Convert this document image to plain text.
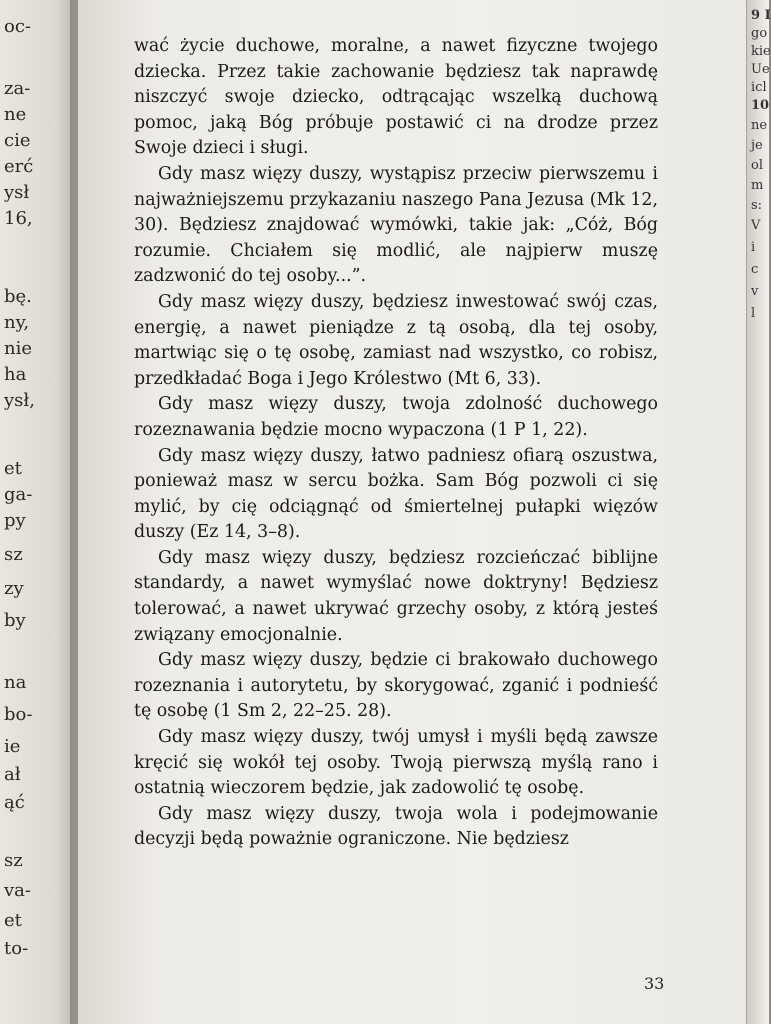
oc-
za-
ne
cie
erć
ysł
16,
bę.
ny,
nie
ha
ysł,
et
ga-
py
sz
zy
by
na
bo-
ie
ał
ąć
sz
va-
et
to-

wać życie duchowe, moralne, a nawet fizyczne twojego dziecka. Przez takie zachowanie będziesz tak naprawdę niszczyć swoje dziecko, odtrącając wszelką duchową pomoc, jaką Bóg próbuje postawić ci na drodze przez Swoje dzieci i sługi.

Gdy masz więzy duszy, wystąpisz przeciw pierwszemu i najważniejszemu przykazaniu naszego Pana Jezusa (Mk 12, 30). Będziesz znajdować wymówki, takie jak: „Cóż, Bóg rozumie. Chciałem się modlić, ale najpierw muszę zadzwonić do tej osoby...”.

Gdy masz więzy duszy, będziesz inwestować swój czas, energię, a nawet pieniądze z tą osobą, dla tej osoby, martwiąc się o tę osobę, zamiast nad wszystko, co robisz, przedkładać Boga i Jego Królestwo (Mt 6, 33).

Gdy masz więzy duszy, twoja zdolność duchowego rozeznawania będzie mocno wypaczona (1 P 1, 22).

Gdy masz więzy duszy, łatwo padniesz ofiarą oszustwa, ponieważ masz w sercu bożka. Sam Bóg pozwoli ci się mylić, by cię odciągnąć od śmiertelnej pułapki więzów duszy (Ez 14, 3–8).

Gdy masz więzy duszy, będziesz rozcieńczać biblijne standardy, a nawet wymyślać nowe doktryny! Będziesz tolerować, a nawet ukrywać grzechy osoby, z którą jesteś związany emocjonalnie.

Gdy masz więzy duszy, będzie ci brakowało duchowego rozeznania i autorytetu, by skorygować, zganić i podnieść tę osobę (1 Sm 2, 22–25. 28).

Gdy masz więzy duszy, twój umysł i myśli będą zawsze kręcić się wokół tej osoby. Twoją pierwszą myślą rano i ostatnią wieczorem będzie, jak zadowolić tę osobę.

Gdy masz więzy duszy, twoja wola i podejmowanie decyzji będą poważnie ograniczone. Nie będziesz

33
9 I
go
kie
Ue
icl
10
ne
je
ol
m
s:
V
i
c
v
l
